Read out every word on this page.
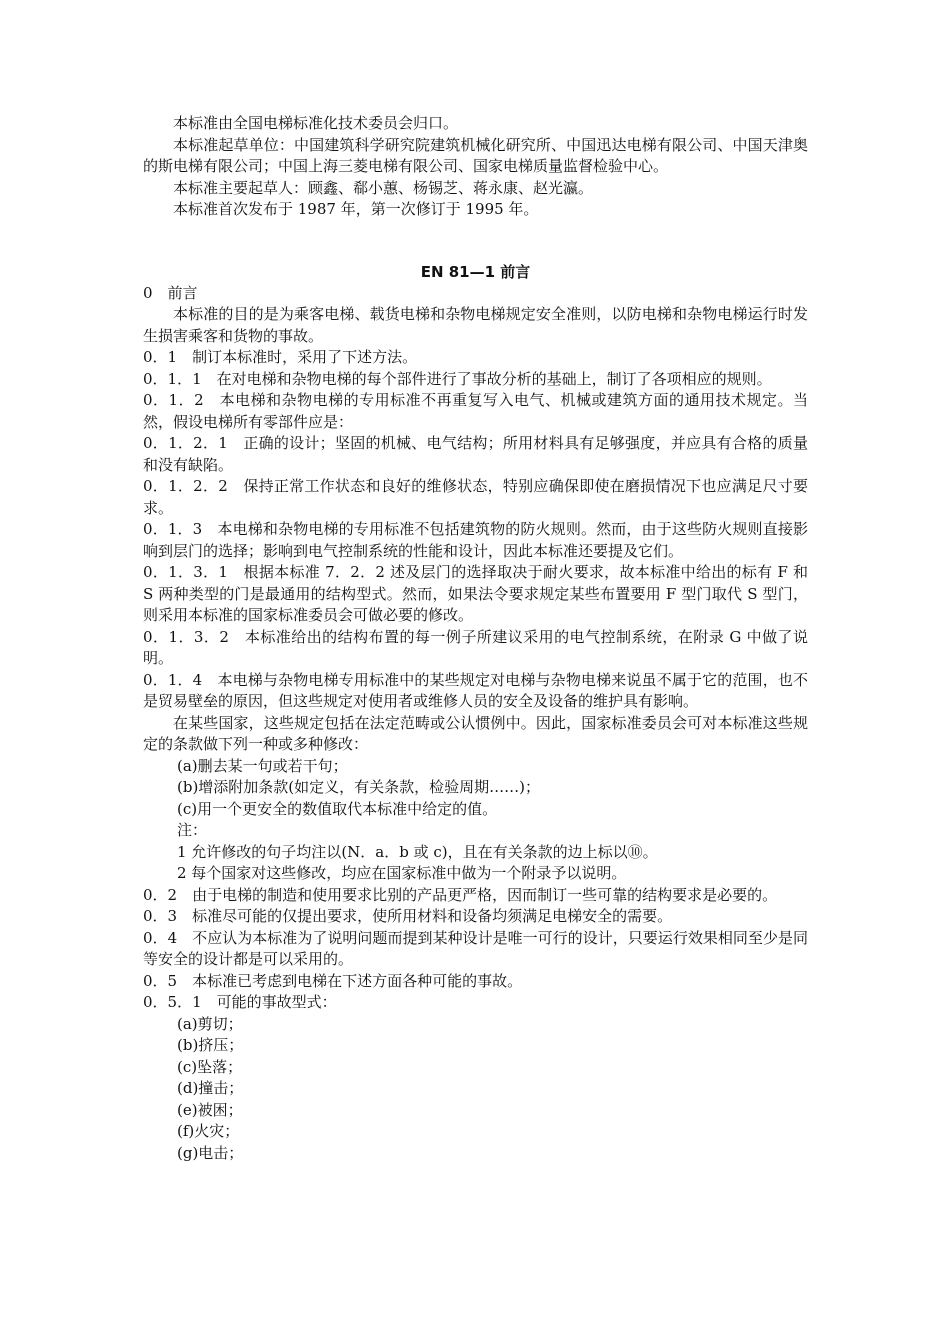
本标准由全国电梯标准化技术委员会归口。

本标准起草单位：中国建筑科学研究院建筑机械化研究所、中国迅达电梯有限公司、中国天津奥的斯电梯有限公司；中国上海三菱电梯有限公司、国家电梯质量监督检验中心。

本标准主要起草人：顾鑫、郗小蕙、杨锡芝、蒋永康、赵光瀛。

本标准首次发布于 1987 年，第一次修订于 1995 年。

EN 81—1 前言

0　前言

本标准的目的是为乘客电梯、载货电梯和杂物电梯规定安全准则，以防电梯和杂物电梯运行时发生损害乘客和货物的事故。

0．1　制订本标准时，采用了下述方法。

0．1．1　在对电梯和杂物电梯的每个部件进行了事故分析的基础上，制订了各项相应的规则。

0．1．2　本电梯和杂物电梯的专用标准不再重复写入电气、机械或建筑方面的通用技术规定。当然，假设电梯所有零部件应是：

0．1．2．1　正确的设计；坚固的机械、电气结构；所用材料具有足够强度，并应具有合格的质量和没有缺陷。

0．1．2．2　保持正常工作状态和良好的维修状态，特别应确保即使在磨损情况下也应满足尺寸要求。

0．1．3　本电梯和杂物电梯的专用标准不包括建筑物的防火规则。然而，由于这些防火规则直接影响到层门的选择；影响到电气控制系统的性能和设计，因此本标准还要提及它们。

0．1．3．1　根据本标准 7．2．2 述及层门的选择取决于耐火要求，故本标准中给出的标有 F 和 S 两种类型的门是最通用的结构型式。然而，如果法令要求规定某些布置要用 F 型门取代 S 型门，则采用本标准的国家标准委员会可做必要的修改。

0．1．3．2　本标准给出的结构布置的每一例子所建议采用的电气控制系统，在附录 G 中做了说明。

0．1．4　本电梯与杂物电梯专用标准中的某些规定对电梯与杂物电梯来说虽不属于它的范围，也不是贸易壁垒的原因，但这些规定对使用者或维修人员的安全及设备的维护具有影响。

在某些国家，这些规定包括在法定范畴或公认惯例中。因此，国家标准委员会可对本标准这些规定的条款做下列一种或多种修改：

(a)删去某一句或若干句；

(b)增添附加条款(如定义，有关条款，检验周期……)；

(c)用一个更安全的数值取代本标准中给定的值。

注：

1 允许修改的句子均注以(N．a．b 或 c)，且在有关条款的边上标以⑩。

2 每个国家对这些修改，均应在国家标准中做为一个附录予以说明。

0．2　由于电梯的制造和使用要求比别的产品更严格，因而制订一些可靠的结构要求是必要的。

0．3　标准尽可能的仅提出要求，使所用材料和设备均须满足电梯安全的需要。

0．4　不应认为本标准为了说明问题而提到某种设计是唯一可行的设计，只要运行效果相同至少是同等安全的设计都是可以采用的。

0．5　本标准已考虑到电梯在下述方面各种可能的事故。

0．5．1　可能的事故型式：

(a)剪切；

(b)挤压；

(c)坠落；

(d)撞击；

(e)被困；

(f)火灾；

(g)电击；
